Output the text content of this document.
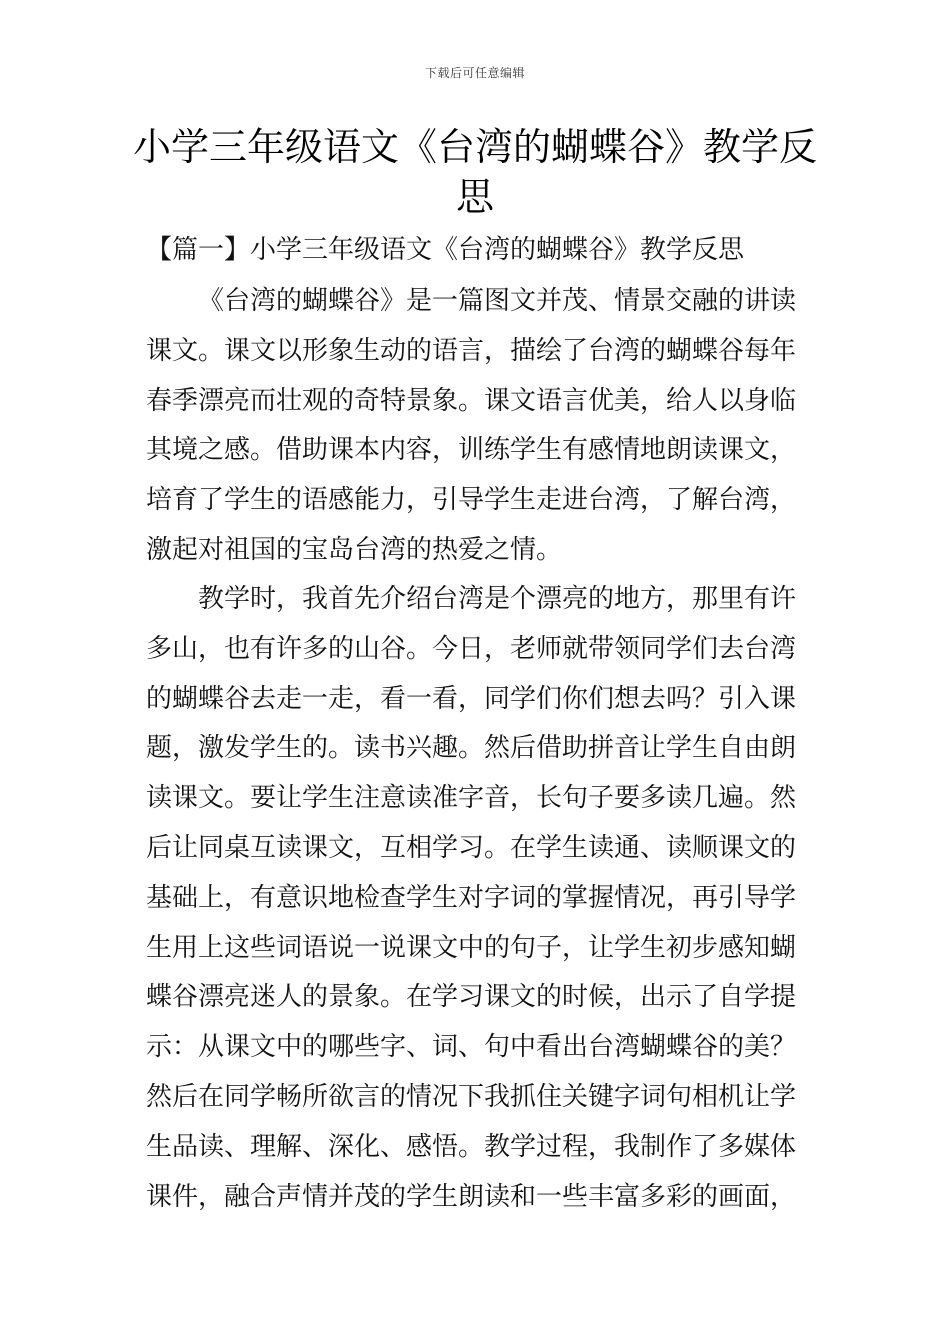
下载后可任意编辑
小学三年级语文《台湾的蝴蝶谷》教学反
思
【篇一】小学三年级语文《台湾的蝴蝶谷》教学反思
《台湾的蝴蝶谷》是一篇图文并茂、情景交融的讲读
课文。课文以形象生动的语言，描绘了台湾的蝴蝶谷每年
春季漂亮而壮观的奇特景象。课文语言优美，给人以身临
其境之感。借助课本内容，训练学生有感情地朗读课文，
培育了学生的语感能力，引导学生走进台湾，了解台湾，
激起对祖国的宝岛台湾的热爱之情。
教学时，我首先介绍台湾是个漂亮的地方，那里有许
多山，也有许多的山谷。今日，老师就带领同学们去台湾
的蝴蝶谷去走一走，看一看，同学们你们想去吗？引入课
题，激发学生的。读书兴趣。然后借助拼音让学生自由朗
读课文。要让学生注意读准字音，长句子要多读几遍。然
后让同桌互读课文，互相学习。在学生读通、读顺课文的
基础上，有意识地检查学生对字词的掌握情况，再引导学
生用上这些词语说一说课文中的句子，让学生初步感知蝴
蝶谷漂亮迷人的景象。在学习课文的时候，出示了自学提
示：从课文中的哪些字、词、句中看出台湾蝴蝶谷的美？
然后在同学畅所欲言的情况下我抓住关键字词句相机让学
生品读、理解、深化、感悟。教学过程，我制作了多媒体
课件，融合声情并茂的学生朗读和一些丰富多彩的画面，
